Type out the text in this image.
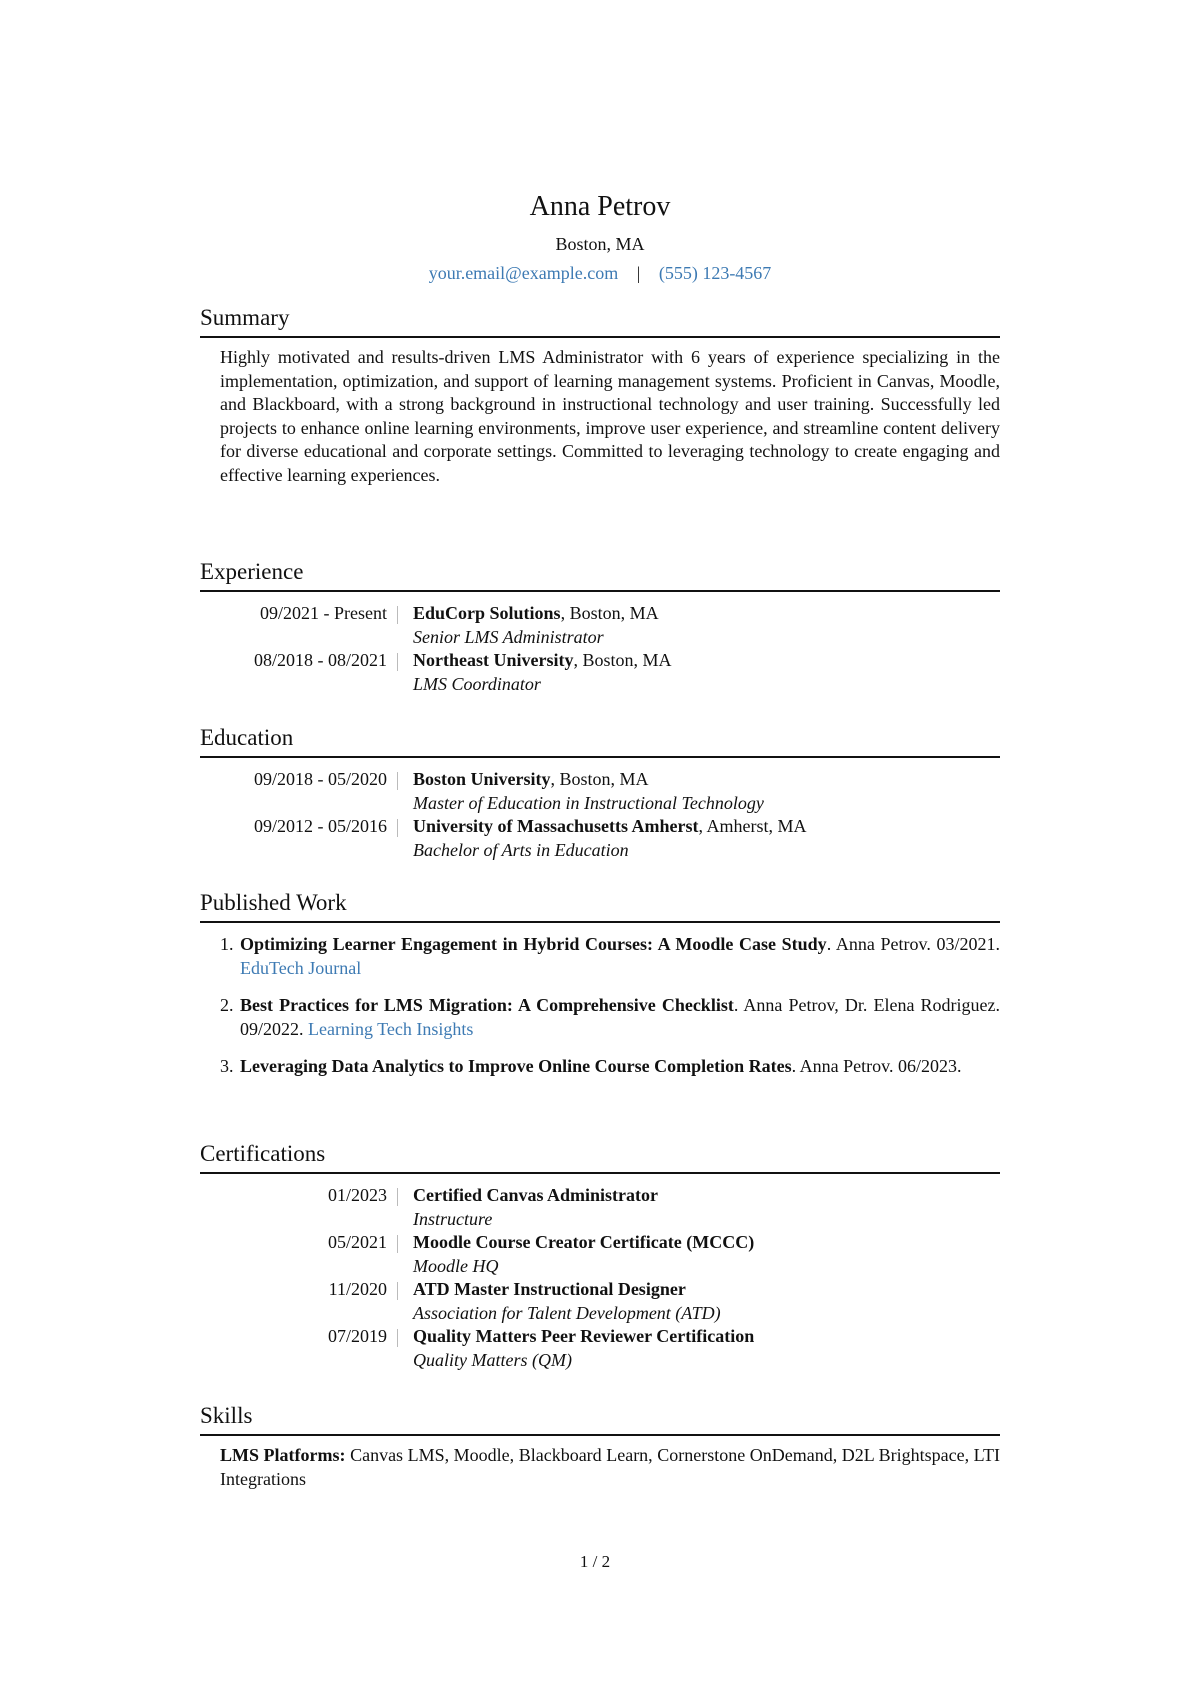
Anna Petrov
Boston, MA
your.email@example.com | (555) 123-4567
Summary
Highly motivated and results-driven LMS Administrator with 6 years of experience specializing in the implementation, optimization, and support of learning management systems. Proficient in Canvas, Moodle, and Blackboard, with a strong background in instructional technology and user training. Successfully led projects to enhance online learning environments, improve user experience, and streamline content delivery for diverse educational and corporate settings. Committed to leveraging technology to create engaging and effective learning experiences.
Experience
09/2021 - Present	EduCorp Solutions, Boston, MA
Senior LMS Administrator
08/2018 - 08/2021	Northeast University, Boston, MA
LMS Coordinator
Education
09/2018 - 05/2020	Boston University, Boston, MA
Master of Education in Instructional Technology
09/2012 - 05/2016	University of Massachusetts Amherst, Amherst, MA
Bachelor of Arts in Education
Published Work
1. Optimizing Learner Engagement in Hybrid Courses: A Moodle Case Study. Anna Petrov. 03/2021. EduTech Journal
2. Best Practices for LMS Migration: A Comprehensive Checklist. Anna Petrov, Dr. Elena Rodriguez. 09/2022. Learning Tech Insights
3. Leveraging Data Analytics to Improve Online Course Completion Rates. Anna Petrov. 06/2023.
Certifications
01/2023	Certified Canvas Administrator
Instructure
05/2021	Moodle Course Creator Certificate (MCCC)
Moodle HQ
11/2020	ATD Master Instructional Designer
Association for Talent Development (ATD)
07/2019	Quality Matters Peer Reviewer Certification
Quality Matters (QM)
Skills
LMS Platforms: Canvas LMS, Moodle, Blackboard Learn, Cornerstone OnDemand, D2L Brightspace, LTI Integrations
1 / 2
